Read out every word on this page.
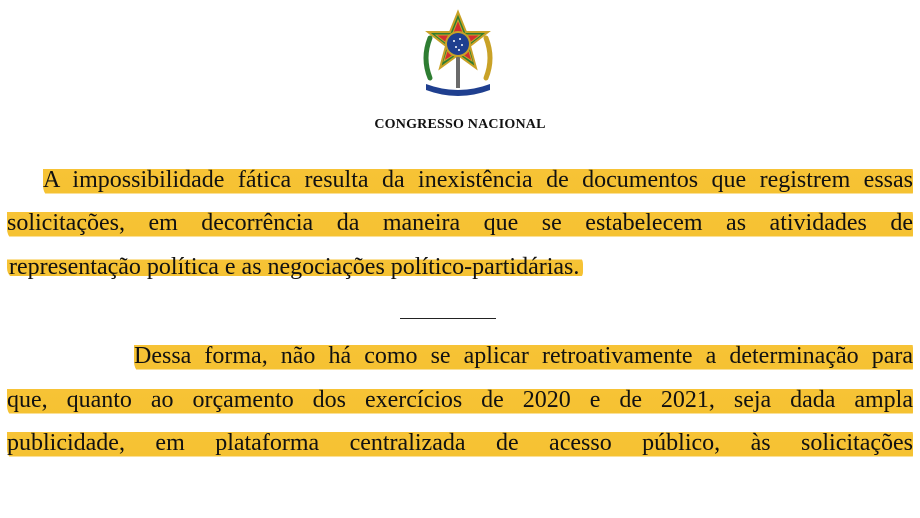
CONGRESSO NACIONAL
A impossibilidade fática resulta da inexistência de documentos que registrem essas
solicitações, em decorrência da maneira que se estabelecem as atividades de
representação política e as negociações político-partidárias.
Dessa forma, não há como se aplicar retroativamente a determinação para
que, quanto ao orçamento dos exercícios de 2020 e de 2021, seja dada ampla
publicidade, em plataforma centralizada de acesso público, às solicitações
